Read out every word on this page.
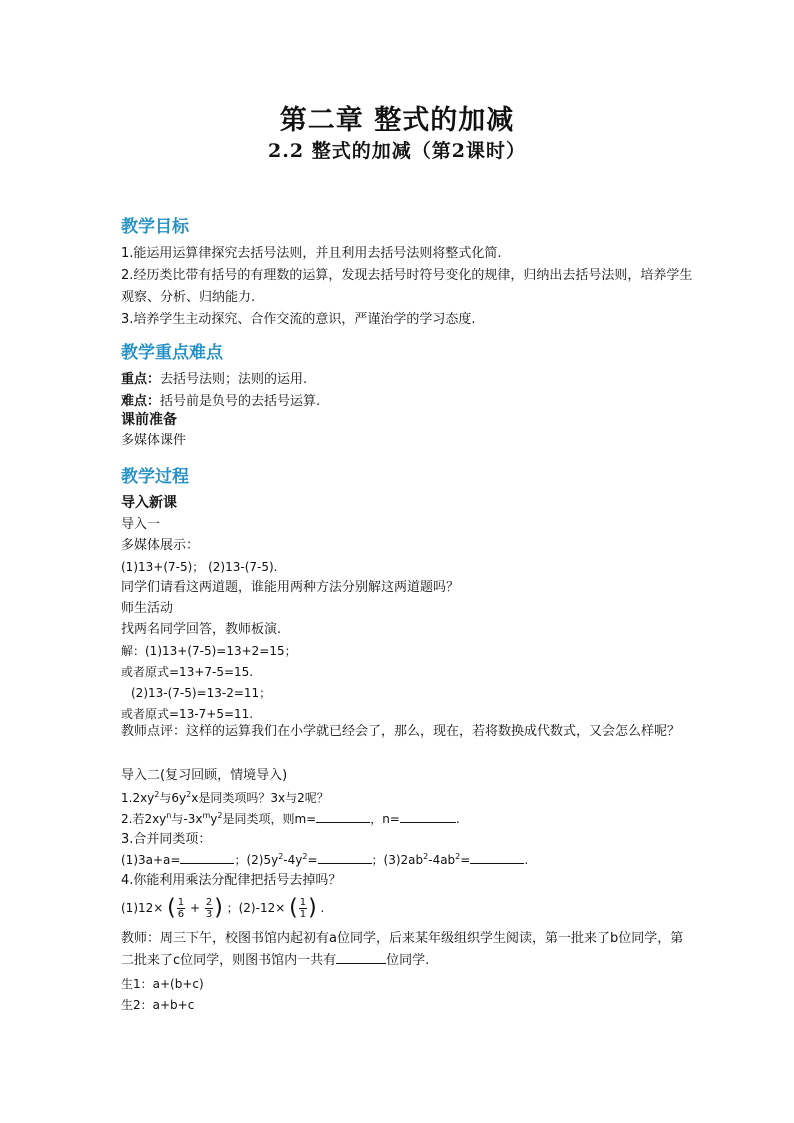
第二章 整式的加减
2.2 整式的加减（第2课时）
教学目标
1.能运用运算律探究去括号法则，并且利用去括号法则将整式化简.
2.经历类比带有括号的有理数的运算，发现去括号时符号变化的规律，归纳出去括号法则，培养学生观察、分析、归纳能力.
3.培养学生主动探究、合作交流的意识，严谨治学的学习态度.
教学重点难点
重点：去括号法则；法则的运用.
难点：括号前是负号的去括号运算.
课前准备
多媒体课件
教学过程
导入新课
导入一
多媒体展示：
(1)13+(7-5)； (2)13-(7-5).
同学们请看这两道题，谁能用两种方法分别解这两道题吗？
师生活动
找两名同学回答，教师板演.
解：(1)13+(7-5)=13+2=15；
或者原式=13+7-5=15.
(2)13-(7-5)=13-2=11；
或者原式=13-7+5=11.
教师点评：这样的运算我们在小学就已经会了，那么，现在，若将数换成代数式，又会怎么样呢？
导入二(复习回顾，情境导入)
$1.2xy^2$与$6y^2x$是同类项吗？3x与2呢？
2.若$2xy^n$与$-3x^my^2$是同类项，则m=	，n=	.
3.合并同类项：
(1)3a+a=	；$(2)5y^2-4y^2=$	；$(3)2ab^2-4ab^2=$	.
4.你能利用乘法分配律把括号去掉吗？
(1)12× ( $\frac{1}{6} + \frac{2}{3}$ ) ；(2)-12× ( $\frac{1}{1}$ ) .
教师：周三下午，校图书馆内起初有a位同学，后来某年级组织学生阅读，第一批来了b位同学，第二批来了c位同学，则图书馆内一共有	位同学.
生1：a+(b+c)
生2：a+b+c
